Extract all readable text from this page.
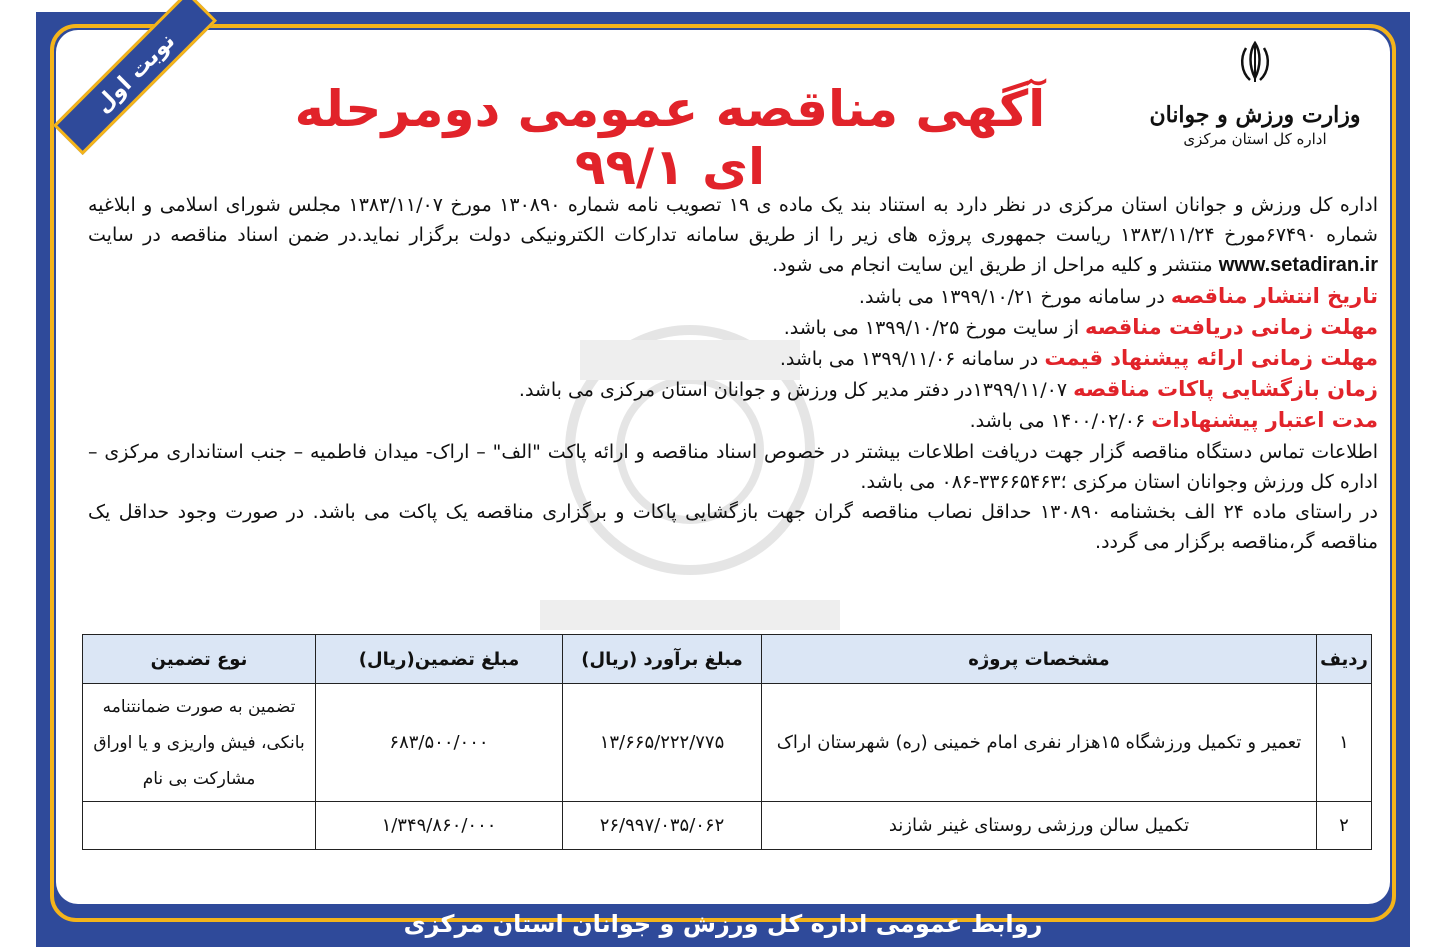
نوبت اول	وزارت ورزش و جوانان
اداره کل استان مرکزی
آگهی مناقصه عمومی دومرحله ای ۹۹/۱

اداره کل ورزش و جوانان استان مرکزی در نظر دارد به استناد بند یک ماده ی ۱۹ تصویب نامه شماره ۱۳۰۸۹۰ مورخ ۱۳۸۳/۱۱/۰۷ مجلس شورای اسلامی و ابلاغیه شماره ۶۷۴۹۰مورخ ۱۳۸۳/۱۱/۲۴ ریاست جمهوری پروژه های زیر را از طریق سامانه تدارکات الکترونیکی دولت برگزار نماید.در ضمن اسناد مناقصه در سایت www.setadiran.ir منتشر و کلیه مراحل از طریق این سایت انجام می شود.

تاریخ انتشار مناقصه در سامانه مورخ ۱۳۹۹/۱۰/۲۱ می باشد.

مهلت زمانی دریافت مناقصه از سایت مورخ ۱۳۹۹/۱۰/۲۵ می باشد.

مهلت زمانی ارائه پیشنهاد قیمت در سامانه ۱۳۹۹/۱۱/۰۶ می باشد.

زمان بازگشایی پاکات مناقصه ۱۳۹۹/۱۱/۰۷در دفتر مدیر کل ورزش و جوانان استان مرکزی می باشد.

مدت اعتبار پیشنهادات ۱۴۰۰/۰۲/۰۶ می باشد.

اطلاعات تماس دستگاه مناقصه گزار جهت دریافت اطلاعات بیشتر در خصوص اسناد مناقصه و ارائه پاکت "الف" – اراک- میدان فاطمیه – جنب استانداری مرکزی – اداره کل ورزش وجوانان استان مرکزی ؛۳۳۶۶۵۴۶۳-۰۸۶ می باشد.

در راستای ماده ۲۴ الف بخشنامه ۱۳۰۸۹۰ حداقل نصاب مناقصه گران جهت بازگشایی پاکات و برگزاری مناقصه یک پاکت می باشد. در صورت وجود حداقل یک مناقصه گر،مناقصه برگزار می گردد.

ردیف	مشخصات پروژه	مبلغ برآورد (ریال)	مبلغ تضمین(ریال)	نوع تضمین
۱	تعمیر و تکمیل ورزشگاه ۱۵هزار نفری امام خمینی (ره) شهرستان اراک	۱۳/۶۶۵/۲۲۲/۷۷۵	۶۸۳/۵۰۰/۰۰۰	تضمین به صورت ضمانتنامه بانکی، فیش واریزی و یا اوراق مشارکت بی نام
۲	تکمیل سالن ورزشی روستای غینر شازند	۲۶/۹۹۷/۰۳۵/۰۶۲	۱/۳۴۹/۸۶۰/۰۰۰	
روابط عمومی اداره کل ورزش و جوانان استان مرکزی
